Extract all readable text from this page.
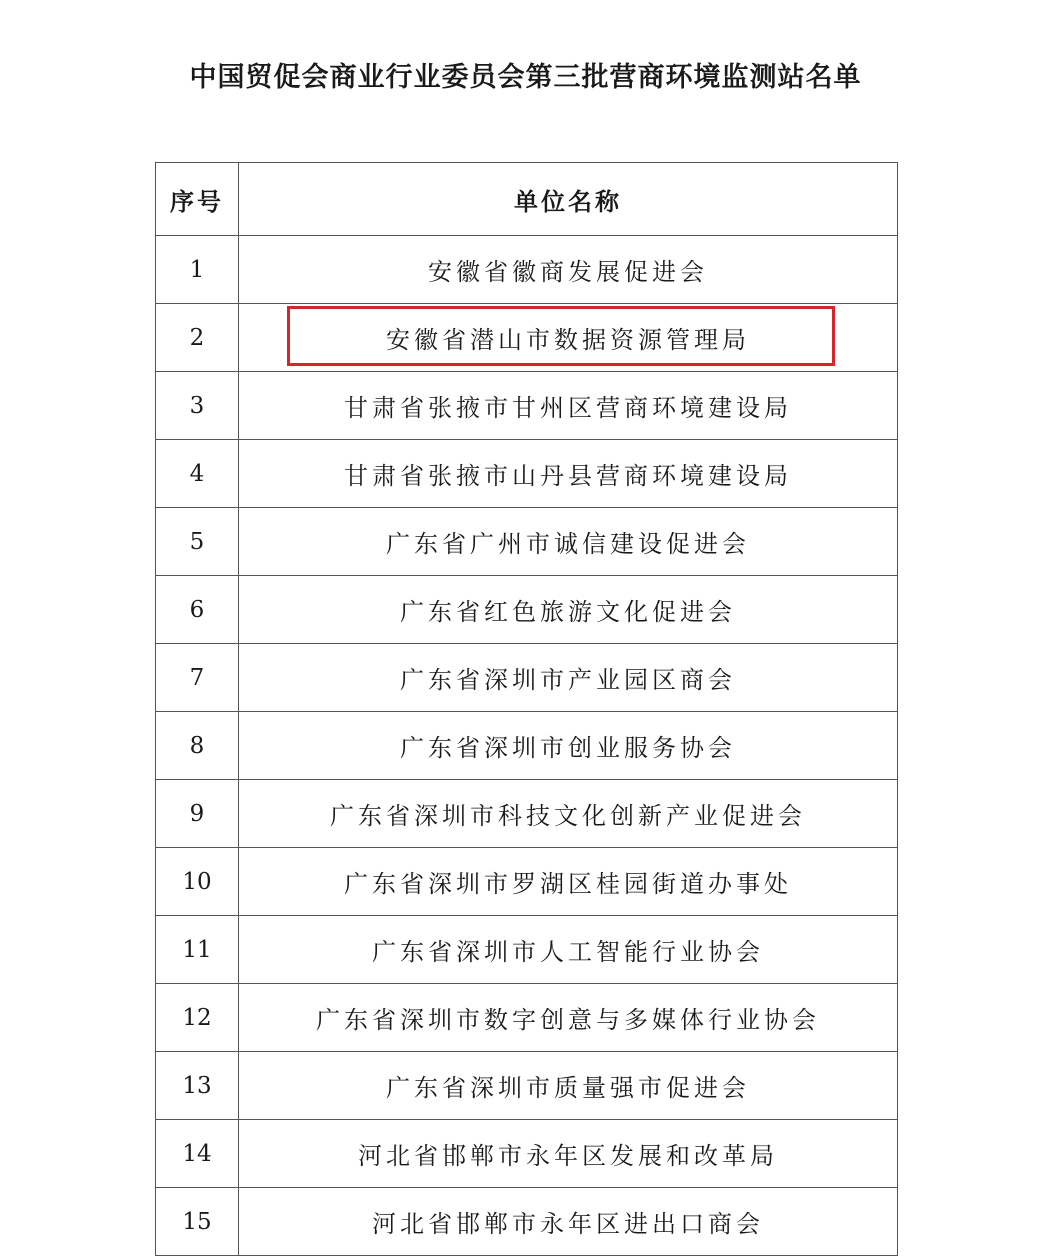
中国贸促会商业行业委员会第三批营商环境监测站名单
序号	单位名称
1	安徽省徽商发展促进会
2	安徽省潜山市数据资源管理局
3	甘肃省张掖市甘州区营商环境建设局
4	甘肃省张掖市山丹县营商环境建设局
5	广东省广州市诚信建设促进会
6	广东省红色旅游文化促进会
7	广东省深圳市产业园区商会
8	广东省深圳市创业服务协会
9	广东省深圳市科技文化创新产业促进会
10	广东省深圳市罗湖区桂园街道办事处
11	广东省深圳市人工智能行业协会
12	广东省深圳市数字创意与多媒体行业协会
13	广东省深圳市质量强市促进会
14	河北省邯郸市永年区发展和改革局
15	河北省邯郸市永年区进出口商会
